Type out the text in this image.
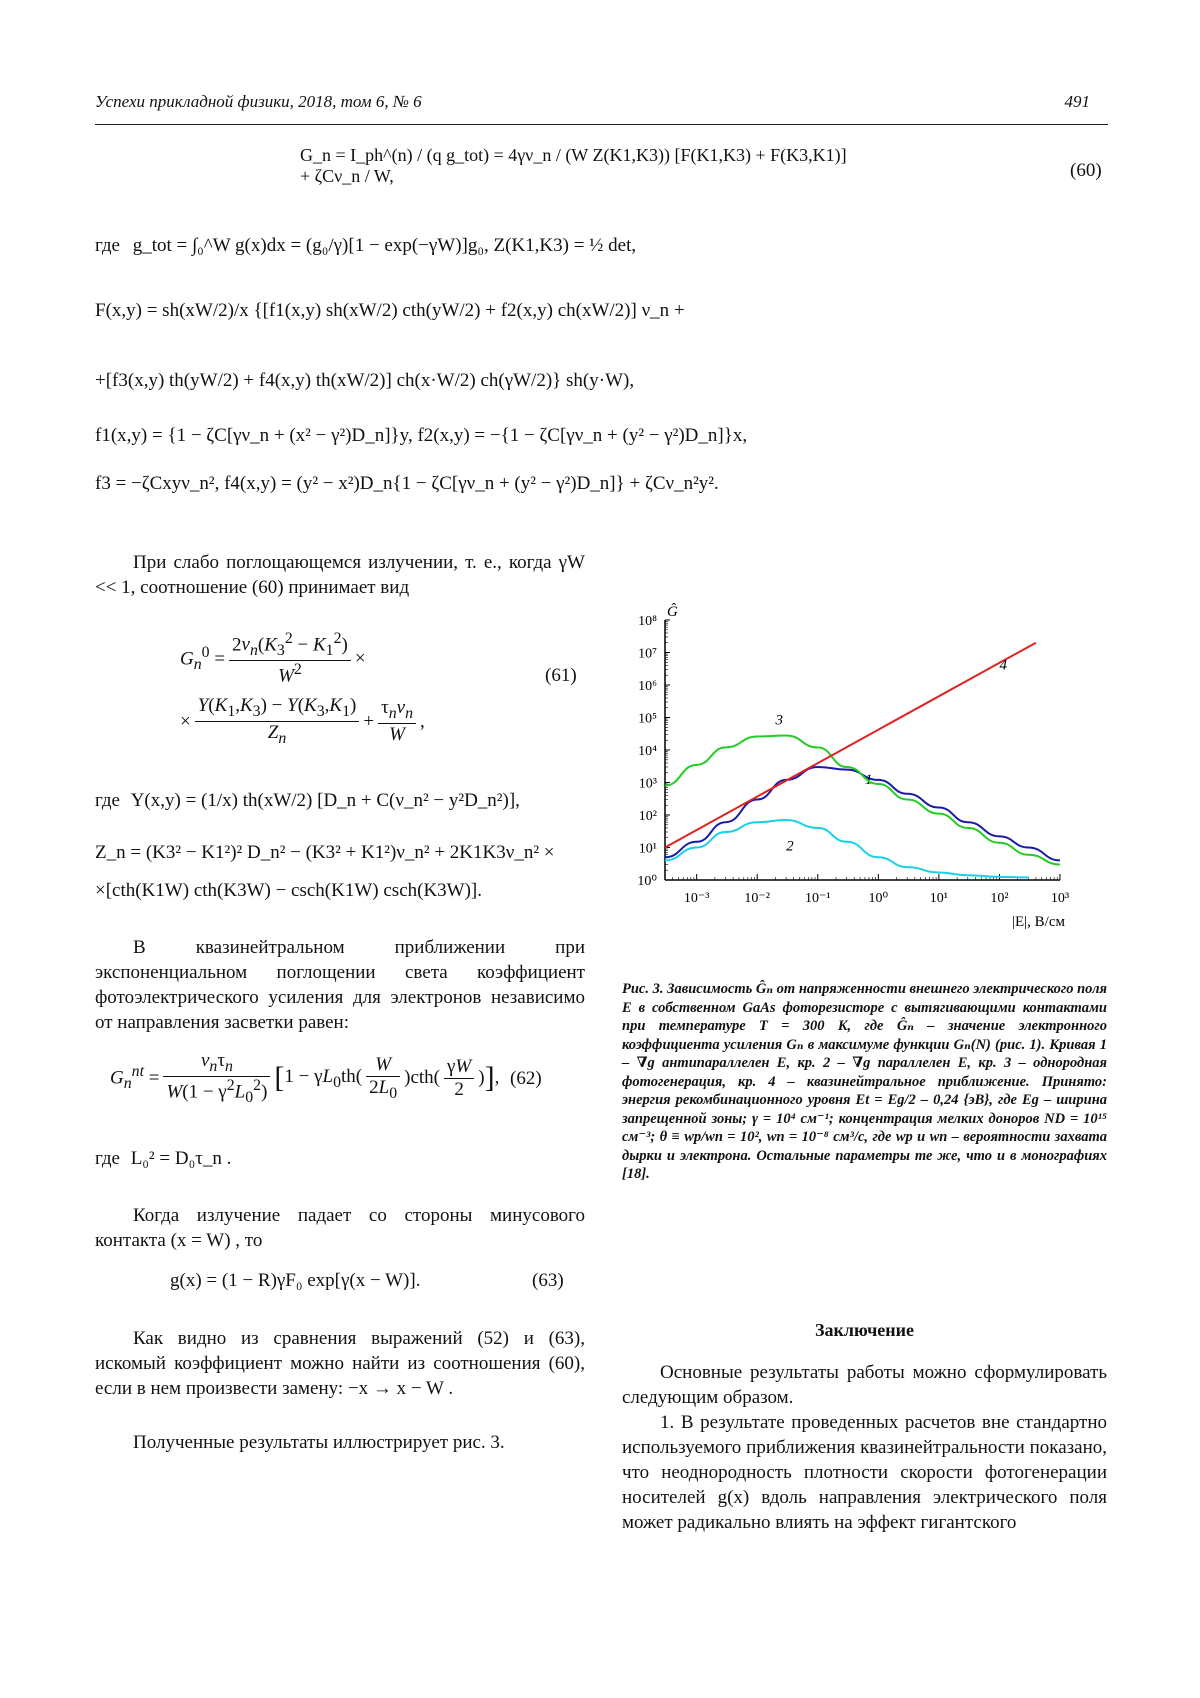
Успехи прикладной физики, 2018, том 6, № 6	491
G_n = I_ph^(n) / (q g_tot) = 4γν_n / (W Z(K1,K3)) [F(K1,K3) + F(K3,K1)] + ζCν_n / W,	(60)
где g_tot = ∫₀^W g(x)dx = (g₀/γ)[1 − exp(−γW)]g₀, Z(K1,K3) = ½ det,
F(x,y) = sh(xW/2)/x {[f1(x,y) sh(xW/2) cth(yW/2) + f2(x,y) ch(xW/2)] ν_n +
+[f3(x,y) th(yW/2) + f4(x,y) th(xW/2)] ch(x·W/2) ch(γW/2)} sh(y·W),
f1(x,y) = {1 − ζC[γν_n + (x² − γ²)D_n]}y, f2(x,y) = −{1 − ζC[γν_n + (y² − γ²)D_n]}x,
f3 = −ζCxyν_n², f4(x,y) = (y² − x²)D_n{1 − ζC[γν_n + (y² − γ²)D_n]} + ζCν_n²y².
При слабо поглощающемся излучении, т. е., когда γW << 1, соотношение (60) принимает вид
$G_n^0 = \frac{2\nu_n(K_3^2 - K_1^2)}{W^2}$ ×
× $\frac{Y(K_1,K_3) - Y(K_3,K_1)}{Z_n} + \frac{\tau_n\nu_n}{W}$ ,
(61)
где Y(x,y) = (1/x) th(xW/2) [D_n + C(ν_n² − y²D_n²)],
Z_n = (K3² − K1²)² D_n² − (K3² + K1²)ν_n² + 2K1K3ν_n² ×
×[cth(K1W) cth(K3W) − csch(K1W) csch(K3W)].
В квазинейтральном приближении при экспоненциальном поглощении света коэффициент фотоэлектрического усиления для электронов независимо от направления засветки равен:
$G_n^{nt} = \frac{\nu_n\tau_n}{W(1 - \gamma^2L_0^2)}$ [ $1 - \gamma L_0th( \frac{W}{2L_0} )cth( \frac{\gamma W}{2}$ ) ] , (62)
где L₀² = D₀τ_n .
Когда излучение падает со стороны минусового контакта (x = W) , то
g(x) = (1 − R)γF₀ exp[γ(x − W)].	(63)
Как видно из сравнения выражений (52) и (63), искомый коэффициент можно найти из соотношения (60), если в нем произвести замену: −x → x − W .
Полученные результаты иллюстрирует рис. 3.
10⁰
10¹
10²
10³
10⁴
10⁵
10⁶
10⁷
10⁸
10⁻³ 10⁻² 10⁻¹	10⁰	10¹	10²	10³
Ĝ
|E|, В/см
1
2
3
4
Рис. 3. Зависимость Ĝₙ от напряженности внешнего электрического поля E в собственном GaAs фоторезисторе с вытягивающими контактами при температуре T = 300 K, где Ĝₙ – значение электронного коэффициента усиления Gₙ в максимуме функции Gₙ(N) (рис. 1). Кривая 1 – ∇g антипараллелен E, кр. 2 – ∇g параллелен E, кр. 3 – однородная фотогенерация, кр. 4 – квазинейтральное приближение. Принято: энергия рекомбинационного уровня Et = Eg/2 – 0,24 {эВ}, где Eg – ширина запрещенной зоны; γ = 10⁴ см⁻¹; концентрация мелких доноров ND = 10¹⁵ см⁻³; θ ≡ wp/wn = 10², wn = 10⁻⁸ см³/с, где wp и wn – вероятности захвата дырки и электрона. Остальные параметры те же, что и в монографиях [18].
Заключение
Основные результаты работы можно сформулировать следующим образом.
1. В результате проведенных расчетов вне стандартно используемого приближения квазинейтральности показано, что неоднородность плотности скорости фотогенерации носителей g(x) вдоль направления электрического поля может радикально влиять на эффект гигантского
